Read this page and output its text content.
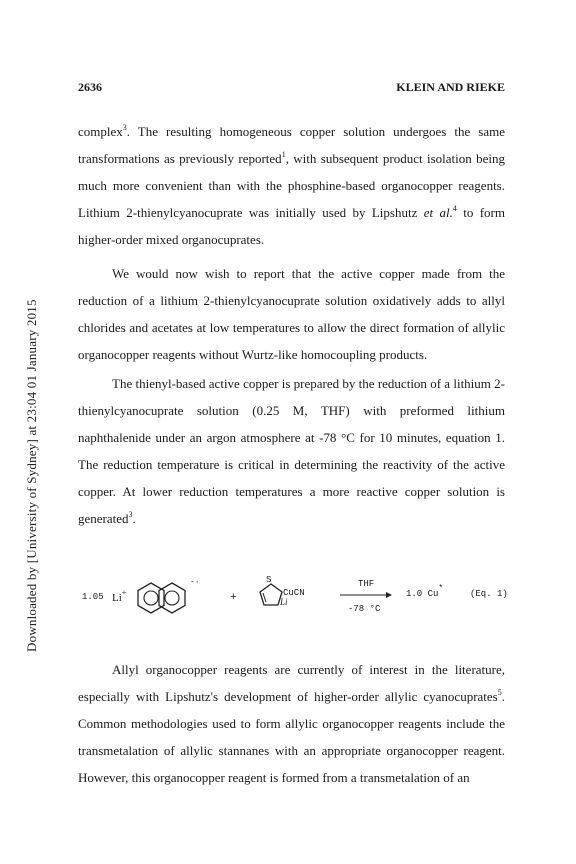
Downloaded by [University of Sydney] at 23:04 01 January 2015
2636	KLEIN AND RIEKE

complex$^3$. The resulting homogeneous copper solution undergoes the same transformations as previously reported$^1$, with subsequent product isolation being much more convenient than with the phosphine-based organocopper reagents. Lithium 2-thienylcyanocuprate was initially used by Lipshutz et al.$^4$ to form higher-order mixed organocuprates.

We would now wish to report that the active copper made from the reduction of a lithium 2-thienylcyanocuprate solution oxidatively adds to allyl chlorides and acetates at low temperatures to allow the direct formation of allylic organocopper reagents without Wurtz-like homocoupling products.

The thienyl-based active copper is prepared by the reduction of a lithium 2-thienylcyanocuprate solution (0.25 M, THF) with preformed lithium naphthalenide under an argon atmosphere at -78 °C for 10 minutes, equation 1. The reduction temperature is critical in determining the reactivity of the active copper. At lower reduction temperatures a more reactive copper solution is generated$^3$.

1.05 Li+
-·
+
S
CuCN
Li
THF
-78 °C
1.0 Cu*
(Eq. 1)

Allyl organocopper reagents are currently of interest in the literature, especially with Lipshutz's development of higher-order allylic cyanocuprates$^5$. Common methodologies used to form allylic organocopper reagents include the transmetalation of allylic stannanes with an appropriate organocopper reagent. However, this organocopper reagent is formed from a transmetalation of an
